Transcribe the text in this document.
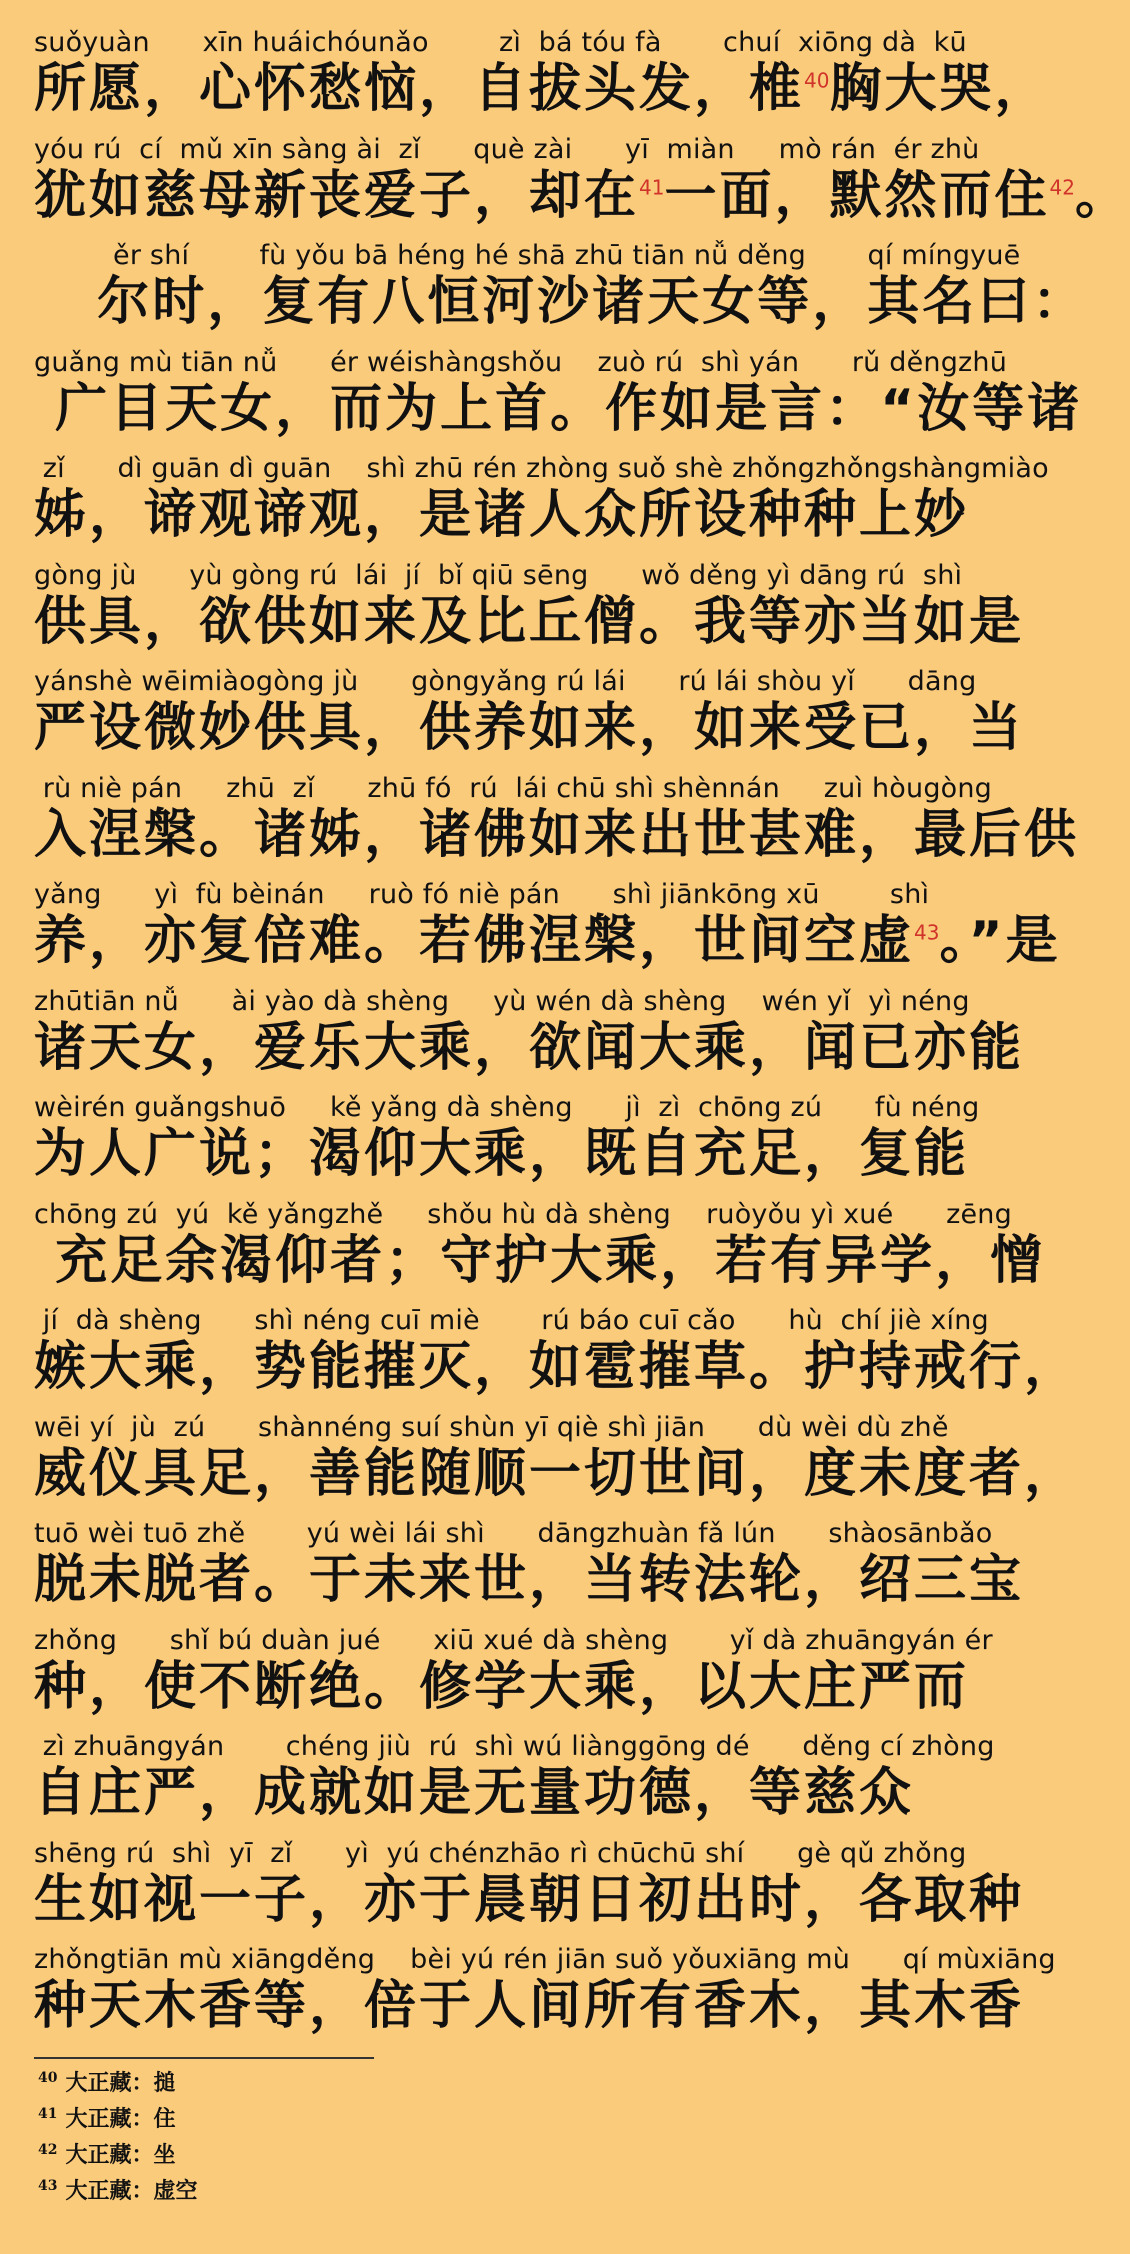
suǒyuàn      xīn huáichóunǎo        zì  bá tóu fà       chuí  xiōng dà  kū
所愿，心怀愁恼，自拔头发，椎$^{40}$胸大哭，
yóu rú  cí  mǔ xīn sàng ài  zǐ      què zài      yī  miàn     mò rán  ér zhù
犹如慈母新丧爱子，却在$^{41}$一面，默然而住$^{42}$。
ěr shí        fù yǒu bā héng hé shā zhū tiān nǚ děng       qí míngyuē
尔时，复有八恒河沙诸天女等，其名曰：
guǎng mù tiān nǚ      ér wéishàngshǒu    zuò rú  shì yán      rǔ děngzhū
广目天女，而为上首。作如是言：“汝等诸
zǐ      dì guān dì guān    shì zhū rén zhòng suǒ shè zhǒngzhǒngshàngmiào
姊，谛观谛观，是诸人众所设种种上妙
gòng jù      yù gòng rú  lái  jí  bǐ qiū sēng      wǒ děng yì dāng rú  shì
供具，欲供如来及比丘僧。我等亦当如是
yánshè wēimiàogòng jù      gòngyǎng rú lái      rú lái shòu yǐ      dāng
严设微妙供具，供养如来，如来受已，当
rù niè pán     zhū  zǐ      zhū fó  rú  lái chū shì shènnán     zuì hòugòng
入涅槃。诸姊，诸佛如来出世甚难，最后供
yǎng      yì  fù bèinán     ruò fó niè pán      shì jiānkōng xū        shì
养，亦复倍难。若佛涅槃，世间空虚$^{43}$。”是
zhūtiān nǚ      ài yào dà shèng     yù wén dà shèng    wén yǐ  yì néng
诸天女，爱乐大乘，欲闻大乘，闻已亦能
wèirén guǎngshuō     kě yǎng dà shèng      jì  zì  chōng zú      fù néng
为人广说；渴仰大乘，既自充足，复能
chōng zú  yú  kě yǎngzhě     shǒu hù dà shèng    ruòyǒu yì xué      zēng
充足余渴仰者；守护大乘，若有异学，憎
jí  dà shèng      shì néng cuī miè       rú báo cuī cǎo      hù  chí jiè xíng
嫉大乘，势能摧灭，如雹摧草。护持戒行，
wēi yí  jù  zú      shànnéng suí shùn yī qiè shì jiān      dù wèi dù zhě
威仪具足，善能随顺一切世间，度未度者，
tuō wèi tuō zhě       yú wèi lái shì      dāngzhuàn fǎ lún      shàosānbǎo
脱未脱者。于未来世，当转法轮，绍三宝
zhǒng      shǐ bú duàn jué      xiū xué dà shèng       yǐ dà zhuāngyán ér
种，使不断绝。修学大乘，以大庄严而
zì zhuāngyán       chéng jiù  rú  shì wú liànggōng dé      děng cí zhòng
自庄严，成就如是无量功德，等慈众
shēng rú  shì  yī  zǐ      yì  yú chénzhāo rì chūchū shí      gè qǔ zhǒng
生如视一子，亦于晨朝日初出时，各取种
zhǒngtiān mù xiāngděng    bèi yú rén jiān suǒ yǒuxiāng mù      qí mùxiāng
种天木香等，倍于人间所有香木，其木香
$^{40}$ 大正藏：搥
$^{41}$ 大正藏：住
$^{42}$ 大正藏：坐
$^{43}$ 大正藏：虚空
